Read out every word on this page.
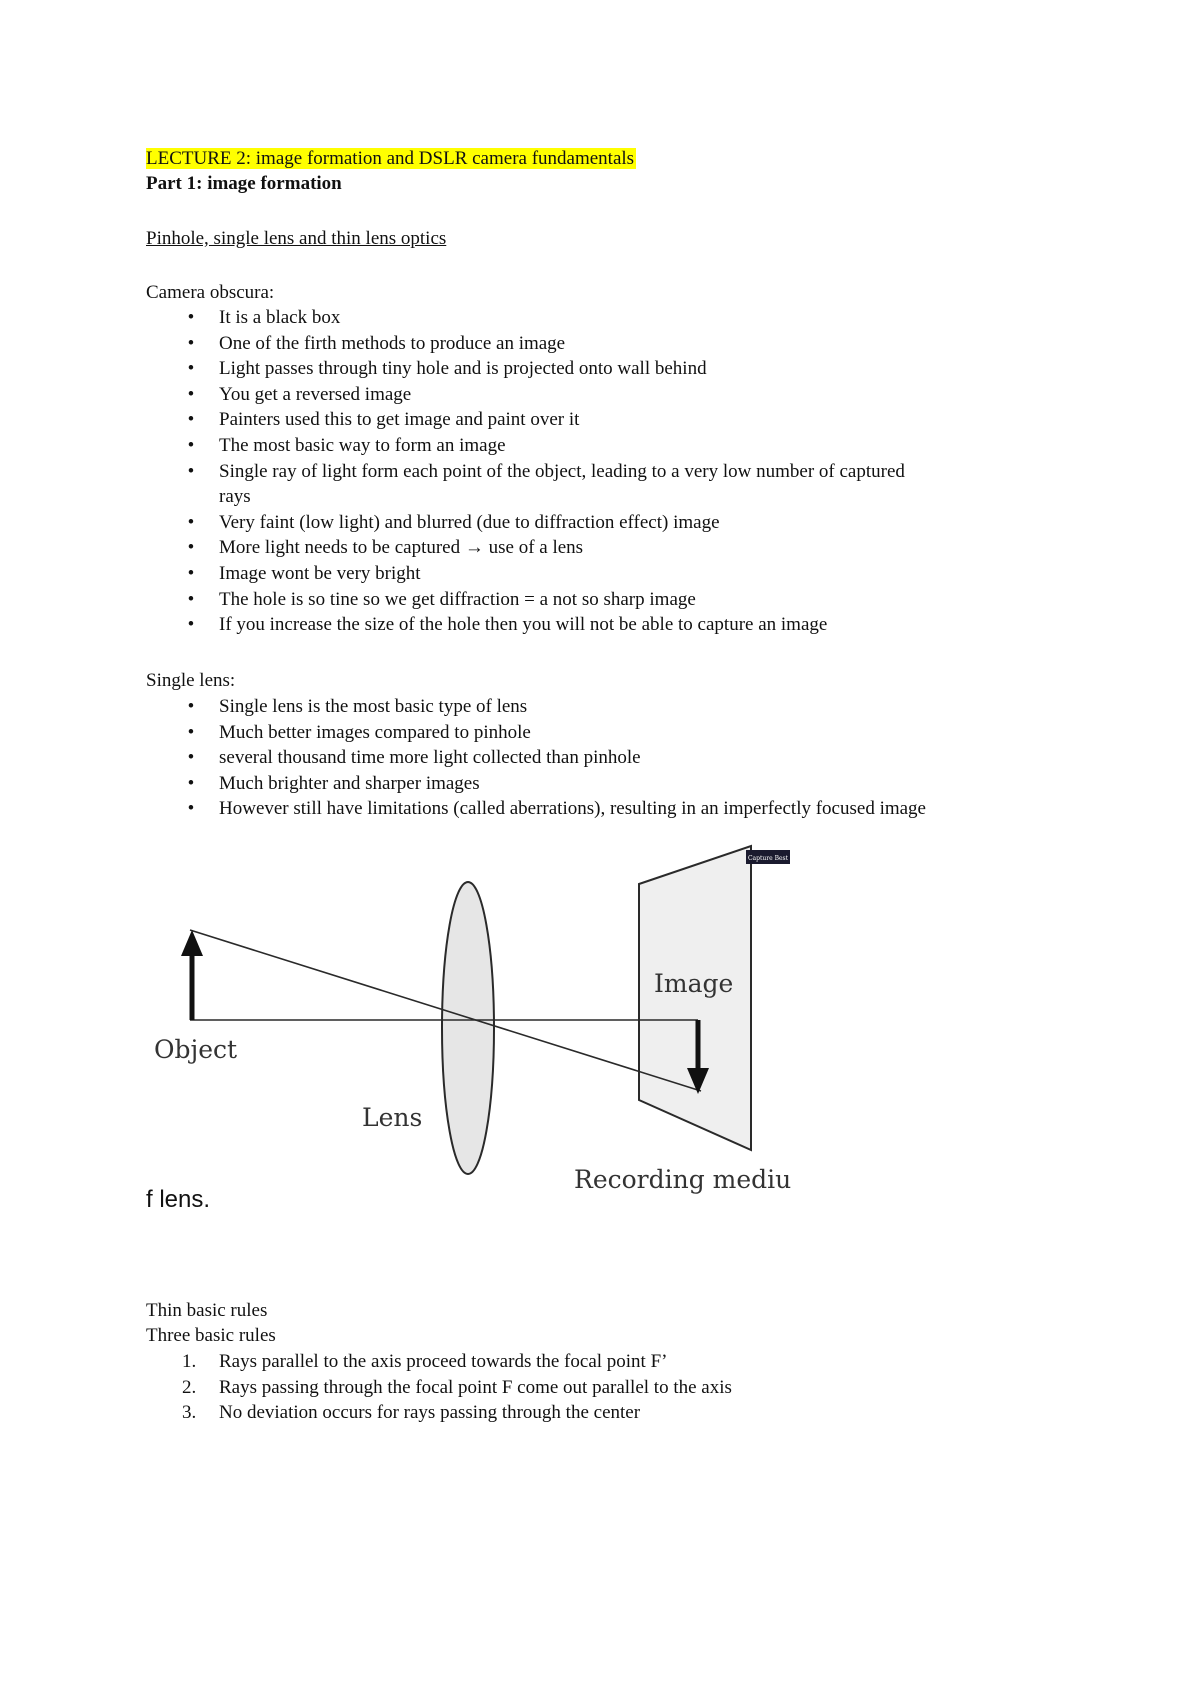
LECTURE 2: image formation and DSLR camera fundamentals
Part 1: image formation
Pinhole, single lens and thin lens optics
Camera obscura:
•	It is a black box
•	One of the firth methods to produce an image
•	Light passes through tiny hole and is projected onto wall behind
•	You get a reversed image
•	Painters used this to get image and paint over it
•	The most basic way to form an image
•	Single ray of light form each point of the object, leading to a very low number of captured
rays
•	Very faint (low light) and blurred (due to diffraction effect) image
•	More light needs to be captured → use of a lens
•	Image wont be very bright
•	The hole is so tine so we get diffraction = a not so sharp image
•	If you increase the size of the hole then you will not be able to capture an image
Single lens:
•	Single lens is the most basic type of lens
•	Much better images compared to pinhole
•	several thousand time more light collected than pinhole
•	Much brighter and sharper images
•	However still have limitations (called aberrations), resulting in an imperfectly focused image
Capture Best
Object
Lens
Image
Recording mediu
f lens.
Thin basic rules
Three basic rules
1.	Rays parallel to the axis proceed towards the focal point F’
2.	Rays passing through the focal point F come out parallel to the axis
3.	No deviation occurs for rays passing through the center
